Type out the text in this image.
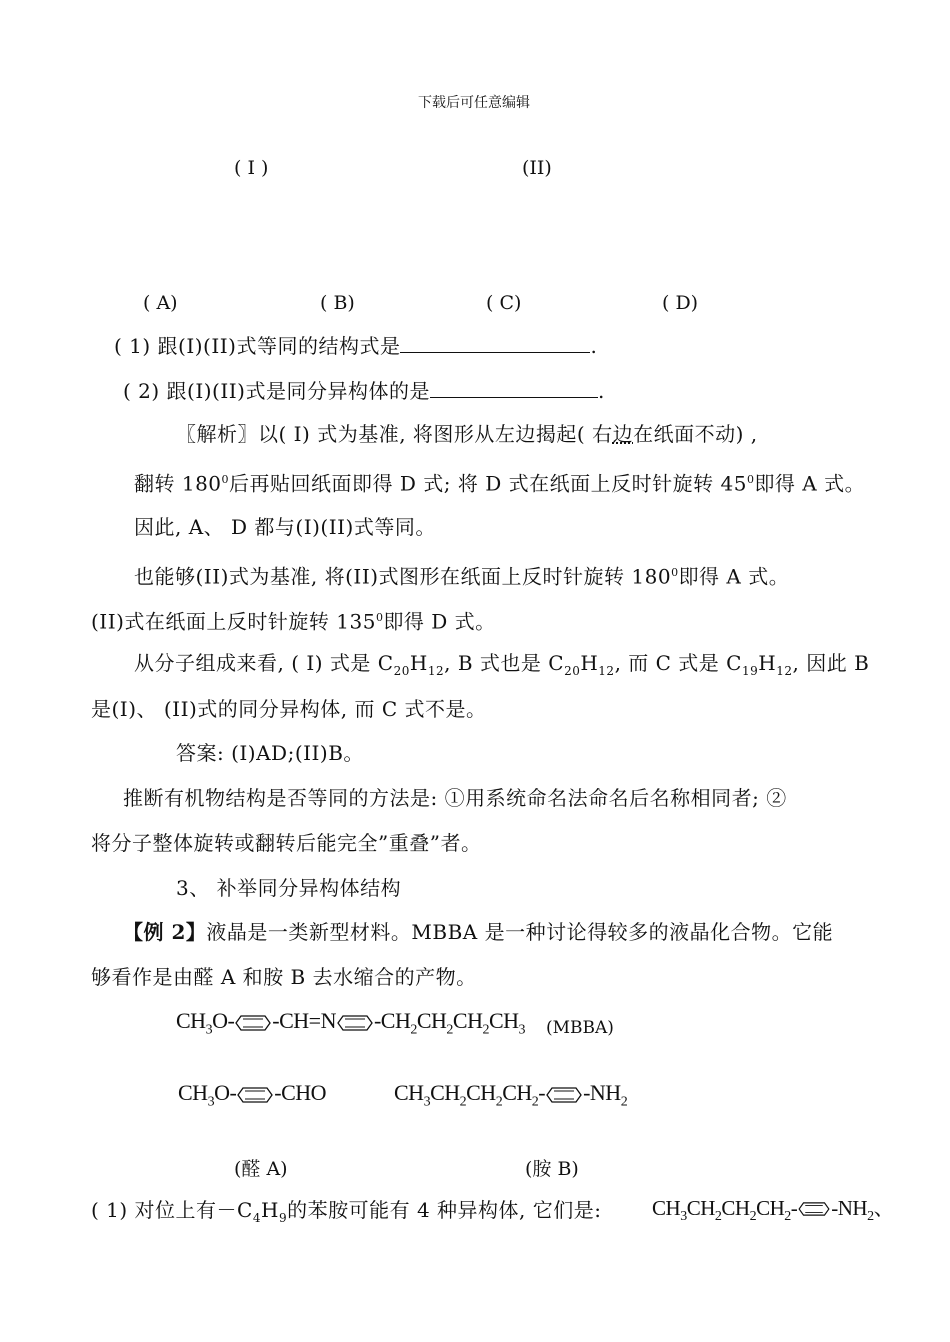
下载后可任意编辑
( I )	(II)
( A)	( B)	( C)	( D)
( 1) 跟(I)(II)式等同的结构式是	.
( 2) 跟(I)(II)式是同分异构体的是	.
〖解析〗以( I) 式为基准, 将图形从左边揭起( 右边在纸面不动) ,
翻转 $180^0$后再贴回纸面即得 D 式; 将 D 式在纸面上反时针旋转 $45^0$即得 A 式。
因此, A、 D 都与(I)(II)式等同。
也能够(II)式为基准, 将(II)式图形在纸面上反时针旋转 $180^0$即得 A 式。
(II)式在纸面上反时针旋转 $135^0$即得 D 式。
从分子组成来看, ( I) 式是 $C_{20}H_{12}$, B 式也是 $C_{20}H_{12}$, 而 C 式是 $C_{19}H_{12}$, 因此 B
是(I)、 (II)式的同分异构体, 而 C 式不是。
答案: (I)AD;(II)B。
推断有机物结构是否等同的方法是: ①用系统命名法命名后名称相同者; ②
将分子整体旋转或翻转后能完全”重叠”者。
3、 补举同分异构体结构
【例 2】液晶是一类新型材料。MBBA 是一种讨论得较多的液晶化合物。它能
够看作是由醛 A 和胺 B 去水缩合的产物。
$CH_3O-$ -CH=N $-CH_2CH_2CH_2CH_3$ (MBBA)
$CH_3O-$ -CHO	$CH_3CH_2CH_2CH_2-$ $-NH_2$
(醛 A)	(胺 B)
( 1) 对位上有$-C_4H_9$的苯胺可能有 4 种异构体, 它们是: $CH_3CH_2CH_2CH_2-$ $-NH_2$、
